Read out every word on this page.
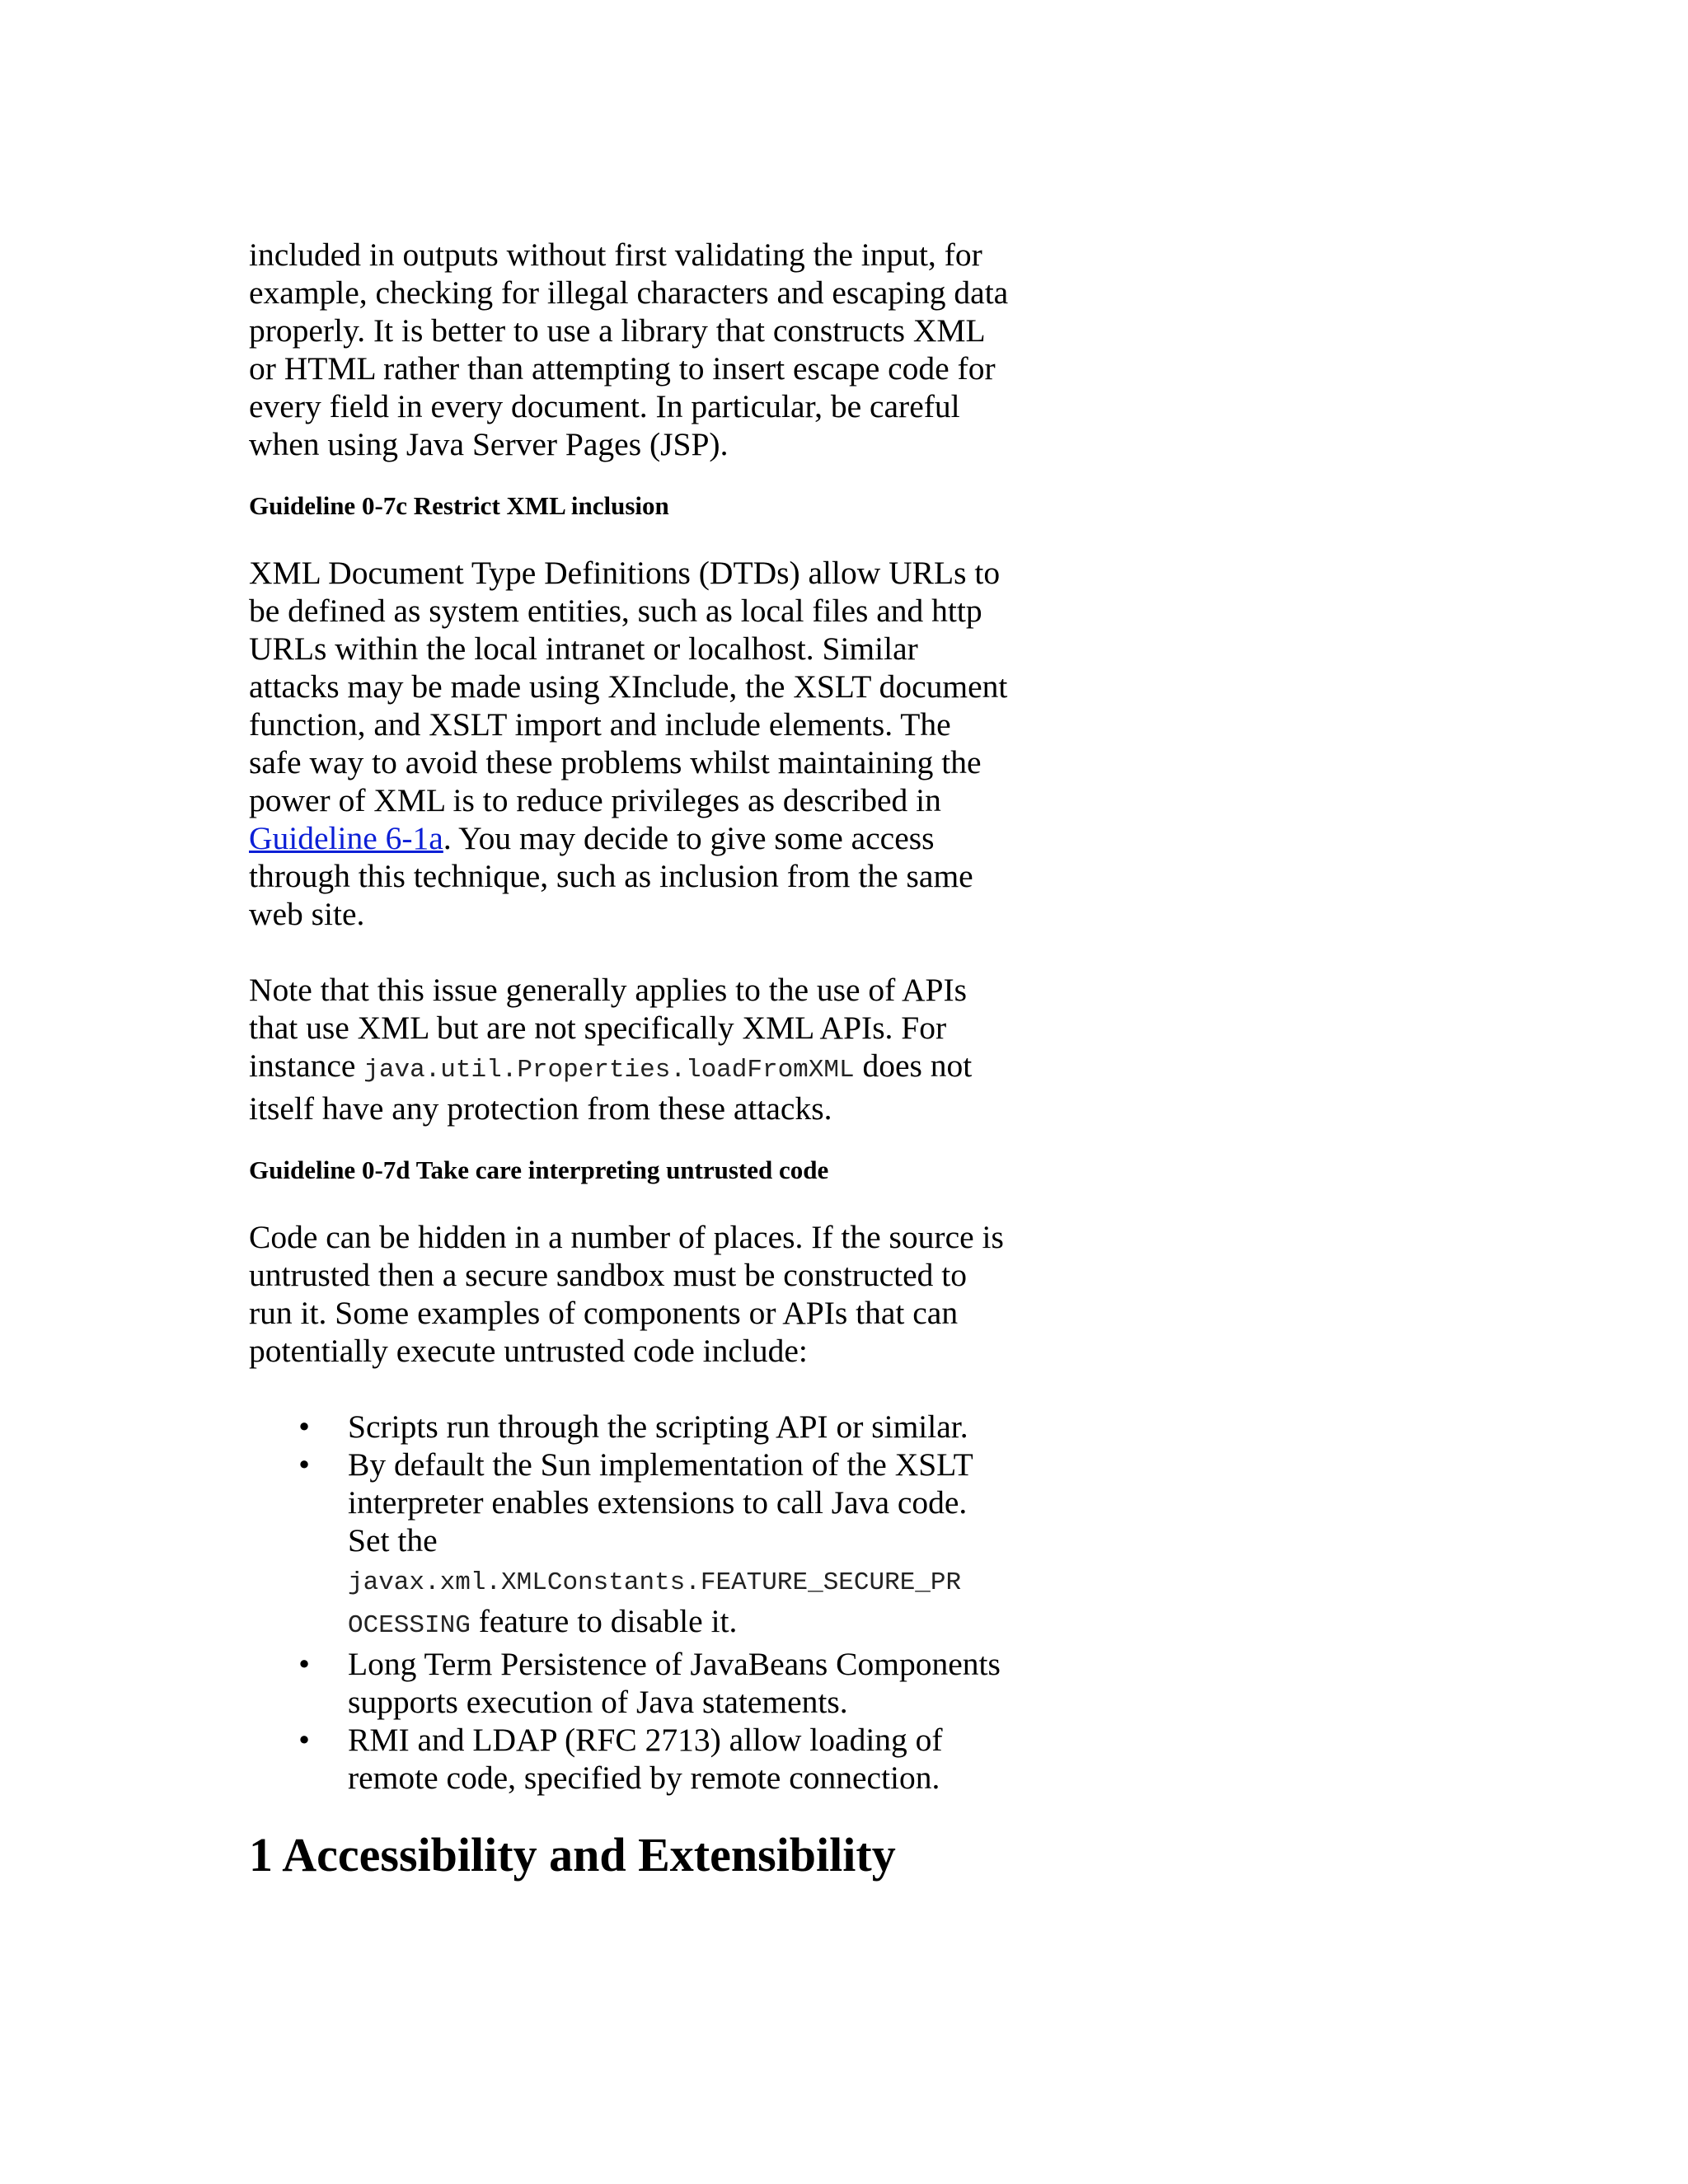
included in outputs without first validating the input, for
example, checking for illegal characters and escaping data
properly. It is better to use a library that constructs XML
or HTML rather than attempting to insert escape code for
every field in every document. In particular, be careful
when using Java Server Pages (JSP).

Guideline 0-7c Restrict XML inclusion

XML Document Type Definitions (DTDs) allow URLs to
be defined as system entities, such as local files and http
URLs within the local intranet or localhost. Similar
attacks may be made using XInclude, the XSLT document
function, and XSLT import and include elements. The
safe way to avoid these problems whilst maintaining the
power of XML is to reduce privileges as described in
Guideline 6-1a. You may decide to give some access
through this technique, such as inclusion from the same
web site.

Note that this issue generally applies to the use of APIs
that use XML but are not specifically XML APIs. For
instance java.util.Properties.loadFromXML does not
itself have any protection from these attacks.

Guideline 0-7d Take care interpreting untrusted code

Code can be hidden in a number of places. If the source is
untrusted then a secure sandbox must be constructed to
run it. Some examples of components or APIs that can
potentially execute untrusted code include:

• Scripts run through the scripting API or similar.
• By default the Sun implementation of the XSLT
interpreter enables extensions to call Java code.
Set the
javax.xml.XMLConstants.FEATURE_SECURE_PR
OCESSING feature to disable it.
• Long Term Persistence of JavaBeans Components
supports execution of Java statements.
• RMI and LDAP (RFC 2713) allow loading of
remote code, specified by remote connection.
1 Accessibility and Extensibility
